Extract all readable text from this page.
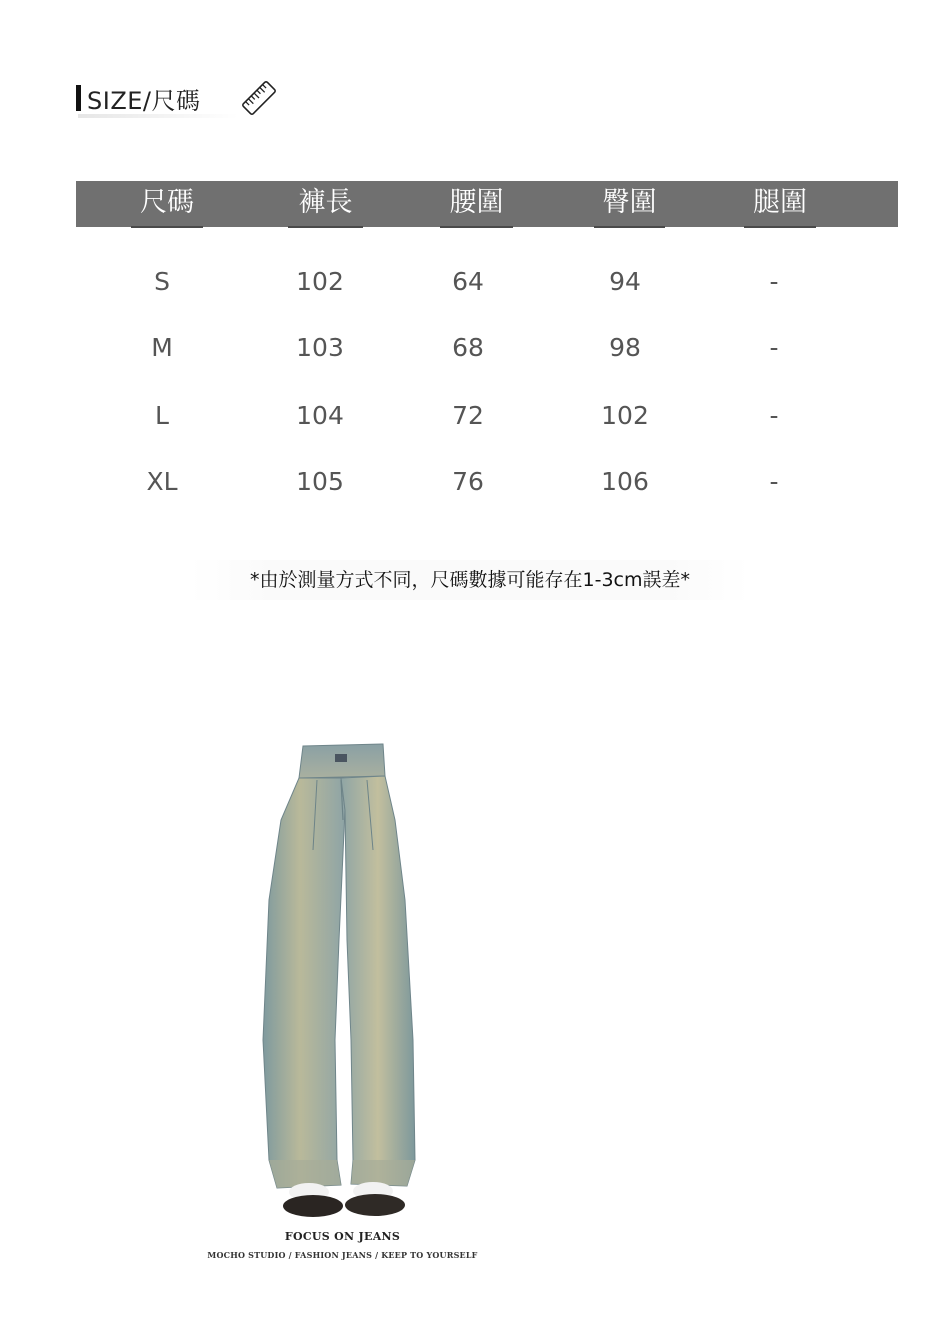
SIZE/尺碼
尺碼	褲長	腰圍	臀圍	腿圍
S	102	64	94	-
M	103	68	98	-
L	104	72	102	-
XL	105	76	106	-
*由於測量方式不同，尺碼數據可能存在1-3cm誤差*
FOCUS ON JEANS
MOCHO STUDIO / FASHION JEANS / KEEP TO YOURSELF
